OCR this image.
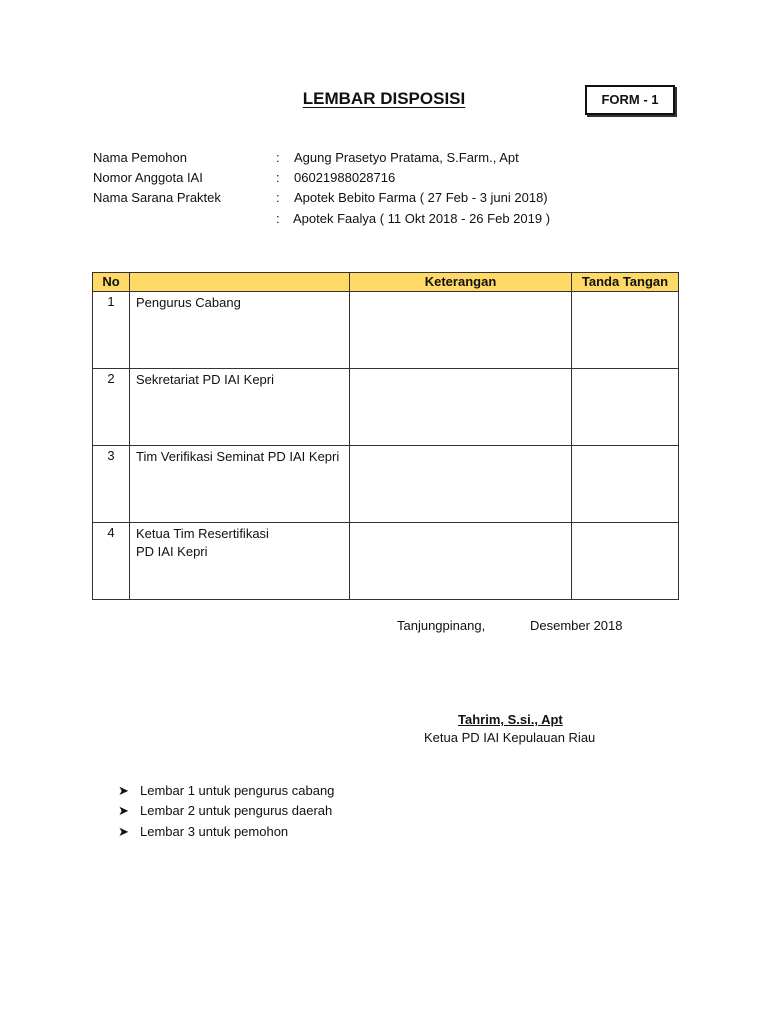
LEMBAR DISPOSISI	FORM - 1
Nama Pemohon	: Agung Prasetyo Pratama, S.Farm., Apt
Nomor Anggota IAI	: 06021988028716
Nama Sarana Praktek	: Apotek Bebito Farma ( 27 Feb - 3 juni 2018)
: Apotek Faalya ( 11 Okt 2018 - 26 Feb 2019 )
No		Keterangan	Tanda Tangan
1	Pengurus Cabang		
2	Sekretariat PD IAI Kepri		
3	Tim Verifikasi Seminat PD IAI Kepri		
4	Ketua Tim Resertifikasi PD IAI Kepri		
Tanjungpinang,	Desember 2018
Tahrim, S.si., Apt
Ketua PD IAI Kepulauan Riau
➤ Lembar 1 untuk pengurus cabang
➤ Lembar 2 untuk pengurus daerah
➤ Lembar 3 untuk pemohon
